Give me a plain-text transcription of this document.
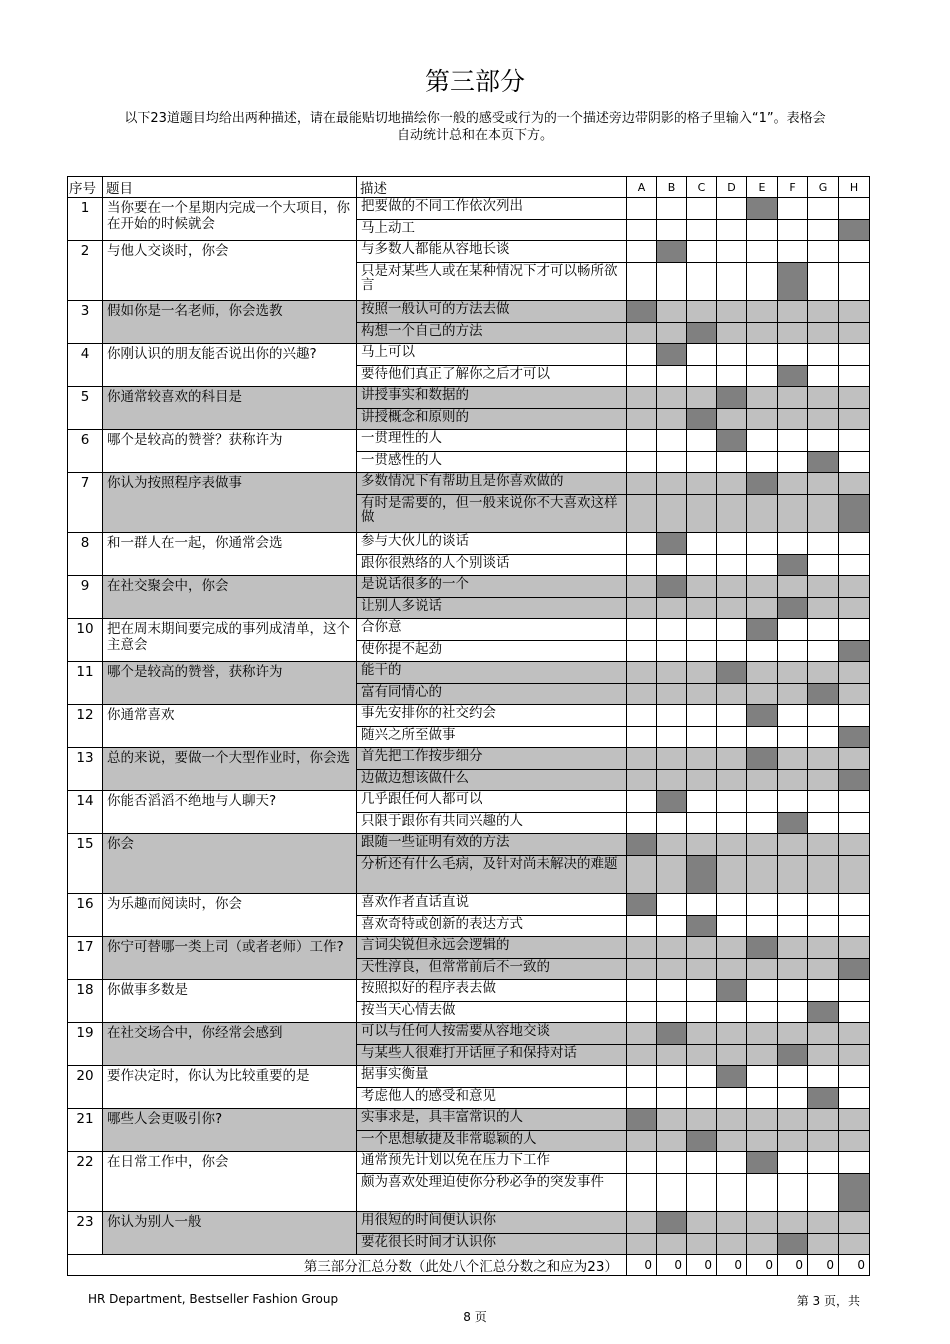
第三部分
以下23道题目均给出两种描述，请在最能贴切地描绘你一般的感受或行为的一个描述旁边带阴影的格子里输入“1”。表格会自动统计总和在本页下方。
序号	题目	描述	A	B	C	D	E	F	G	H
1	当你要在一个星期内完成一个大项目，你在开始的时候就会	把要做的不同工作依次列出								
		马上动工								
2	与他人交谈时，你会	与多数人都能从容地长谈								
		只是对某些人或在某种情况下才可以畅所欲言								
3	假如你是一名老师，你会选教	按照一般认可的方法去做								
		构想一个自己的方法								
4	你刚认识的朋友能否说出你的兴趣?	马上可以								
		要待他们真正了解你之后才可以								
5	你通常较喜欢的科目是	讲授事实和数据的								
		讲授概念和原则的								
6	哪个是较高的赞誉？获称许为	一贯理性的人								
		一贯感性的人								
7	你认为按照程序表做事	多数情况下有帮助且是你喜欢做的								
		有时是需要的，但一般来说你不大喜欢这样做								
8	和一群人在一起，你通常会选	参与大伙儿的谈话								
		跟你很熟络的人个别谈话								
9	在社交聚会中，你会	是说话很多的一个								
		让别人多说话								
10	把在周末期间要完成的事列成清单，这个主意会	合你意								
		使你提不起劲								
11	哪个是较高的赞誉，获称许为	能干的								
		富有同情心的								
12	你通常喜欢	事先安排你的社交约会								
		随兴之所至做事								
13	总的来说，要做一个大型作业时，你会选	首先把工作按步细分								
		边做边想该做什么								
14	你能否滔滔不绝地与人聊天?	几乎跟任何人都可以								
		只限于跟你有共同兴趣的人								
15	你会	跟随一些证明有效的方法								
		分析还有什么毛病，及针对尚未解决的难题								
16	为乐趣而阅读时，你会	喜欢作者直话直说								
		喜欢奇特或创新的表达方式								
17	你宁可替哪一类上司（或者老师）工作?	言词尖锐但永远会逻辑的								
		天性淳良，但常常前后不一致的								
18	你做事多数是	按照拟好的程序表去做								
		按当天心情去做								
19	在社交场合中，你经常会感到	可以与任何人按需要从容地交谈								
		与某些人很难打开话匣子和保持对话								
20	要作决定时，你认为比较重要的是	据事实衡量								
		考虑他人的感受和意见								
21	哪些人会更吸引你?	实事求是，具丰富常识的人								
		一个思想敏捷及非常聪颖的人								
22	在日常工作中，你会	通常预先计划以免在压力下工作								
		颇为喜欢处理迫使你分秒必争的突发事件								
23	你认为别人一般	用很短的时间便认识你								
		要花很长时间才认识你								
第三部分汇总分数（此处八个汇总分数之和应为23）			0	0	0	0	0	0	0	0
HR Department, Bestseller Fashion Group	第 3 页，共
8 页
